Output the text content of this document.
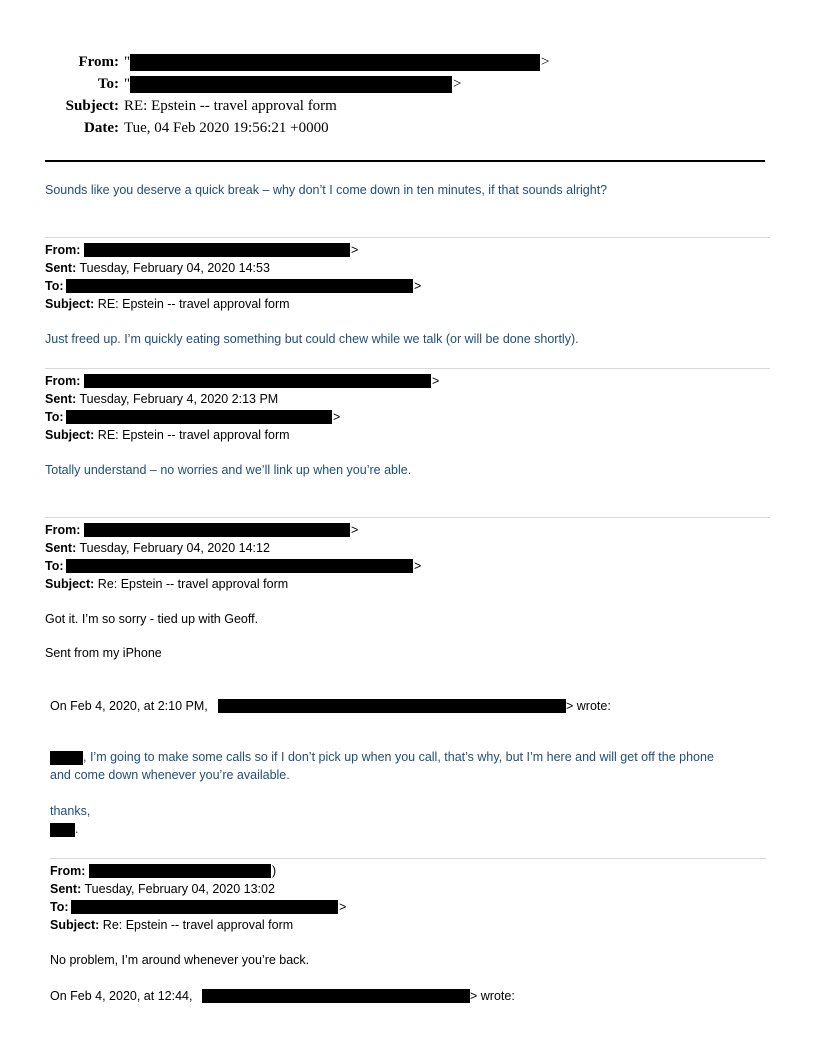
From: "	>
To: "	>
Subject: RE: Epstein -- travel approval form
Date: Tue, 04 Feb 2020 19:56:21 +0000
Sounds like you deserve a quick break – why don’t I come down in ten minutes, if that sounds alright?
From:	>
Sent: Tuesday, February 04, 2020 14:53
To:	>
Subject: RE: Epstein -- travel approval form
Just freed up. I’m quickly eating something but could chew while we talk (or will be done shortly).
From:	>
Sent: Tuesday, February 4, 2020 2:13 PM
To:	>
Subject: RE: Epstein -- travel approval form
Totally understand – no worries and we’ll link up when you’re able.
From:	>
Sent: Tuesday, February 04, 2020 14:12
To:	>
Subject: Re: Epstein -- travel approval form
Got it. I’m so sorry - tied up with Geoff.
Sent from my iPhone
On Feb 4, 2020, at 2:10 PM,	> wrote:
, I’m going to make some calls so if I don’t pick up when you call, that’s why, but I’m here and will get off the phone
and come down whenever you’re available.
thanks,
.
From:	)
Sent: Tuesday, February 04, 2020 13:02
To:	>
Subject: Re: Epstein -- travel approval form
No problem, I’m around whenever you’re back.
On Feb 4, 2020, at 12:44,	> wrote:
